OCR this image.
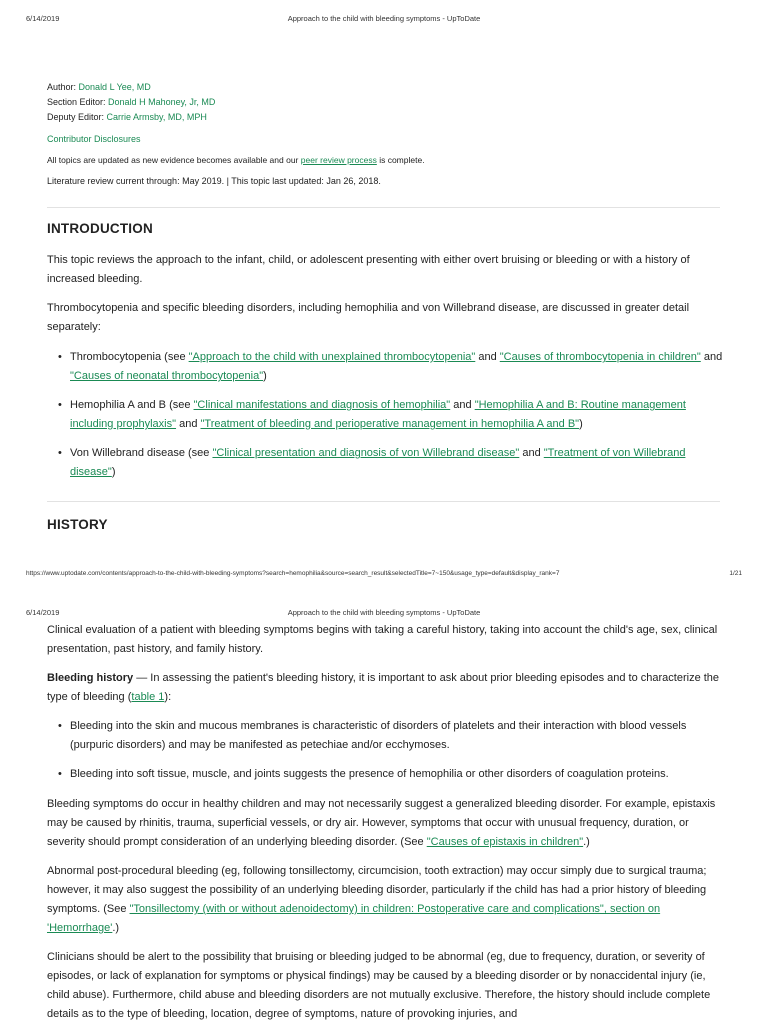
6/14/2019	Approach to the child with bleeding symptoms - UpToDate
Author: Donald L Yee, MD
Section Editor: Donald H Mahoney, Jr, MD
Deputy Editor: Carrie Armsby, MD, MPH
Contributor Disclosures
All topics are updated as new evidence becomes available and our peer review process is complete.
Literature review current through: May 2019. | This topic last updated: Jan 26, 2018.
INTRODUCTION

This topic reviews the approach to the infant, child, or adolescent presenting with either overt bruising or bleeding or with a history of increased bleeding.

Thrombocytopenia and specific bleeding disorders, including hemophilia and von Willebrand disease, are discussed in greater detail separately:

• Thrombocytopenia (see "Approach to the child with unexplained thrombocytopenia" and "Causes of thrombocytopenia in children" and "Causes of neonatal thrombocytopenia")
• Hemophilia A and B (see "Clinical manifestations and diagnosis of hemophilia" and "Hemophilia A and B: Routine management including prophylaxis" and "Treatment of bleeding and perioperative management in hemophilia A and B")
• Von Willebrand disease (see "Clinical presentation and diagnosis of von Willebrand disease" and "Treatment of von Willebrand disease")
HISTORY
https://www.uptodate.com/contents/approach-to-the-child-with-bleeding-symptoms?search=hemophilia&source=search_result&selectedTitle=7~150&usage_type=default&display_rank=7	1/21
6/14/2019	Approach to the child with bleeding symptoms - UpToDate

Clinical evaluation of a patient with bleeding symptoms begins with taking a careful history, taking into account the child's age, sex, clinical presentation, past history, and family history.

Bleeding history — In assessing the patient's bleeding history, it is important to ask about prior bleeding episodes and to characterize the type of bleeding (table 1):

• Bleeding into the skin and mucous membranes is characteristic of disorders of platelets and their interaction with blood vessels (purpuric disorders) and may be manifested as petechiae and/or ecchymoses.
• Bleeding into soft tissue, muscle, and joints suggests the presence of hemophilia or other disorders of coagulation proteins.

Bleeding symptoms do occur in healthy children and may not necessarily suggest a generalized bleeding disorder. For example, epistaxis may be caused by rhinitis, trauma, superficial vessels, or dry air. However, symptoms that occur with unusual frequency, duration, or severity should prompt consideration of an underlying bleeding disorder. (See "Causes of epistaxis in children".)

Abnormal post-procedural bleeding (eg, following tonsillectomy, circumcision, tooth extraction) may occur simply due to surgical trauma; however, it may also suggest the possibility of an underlying bleeding disorder, particularly if the child has had a prior history of bleeding symptoms. (See "Tonsillectomy (with or without adenoidectomy) in children: Postoperative care and complications", section on 'Hemorrhage'.)

Clinicians should be alert to the possibility that bruising or bleeding judged to be abnormal (eg, due to frequency, duration, or severity of episodes, or lack of explanation for symptoms or physical findings) may be caused by a bleeding disorder or by nonaccidental injury (ie, child abuse). Furthermore, child abuse and bleeding disorders are not mutually exclusive. Therefore, the history should include complete details as to the type of bleeding, location, degree of symptoms, nature of provoking injuries, and
